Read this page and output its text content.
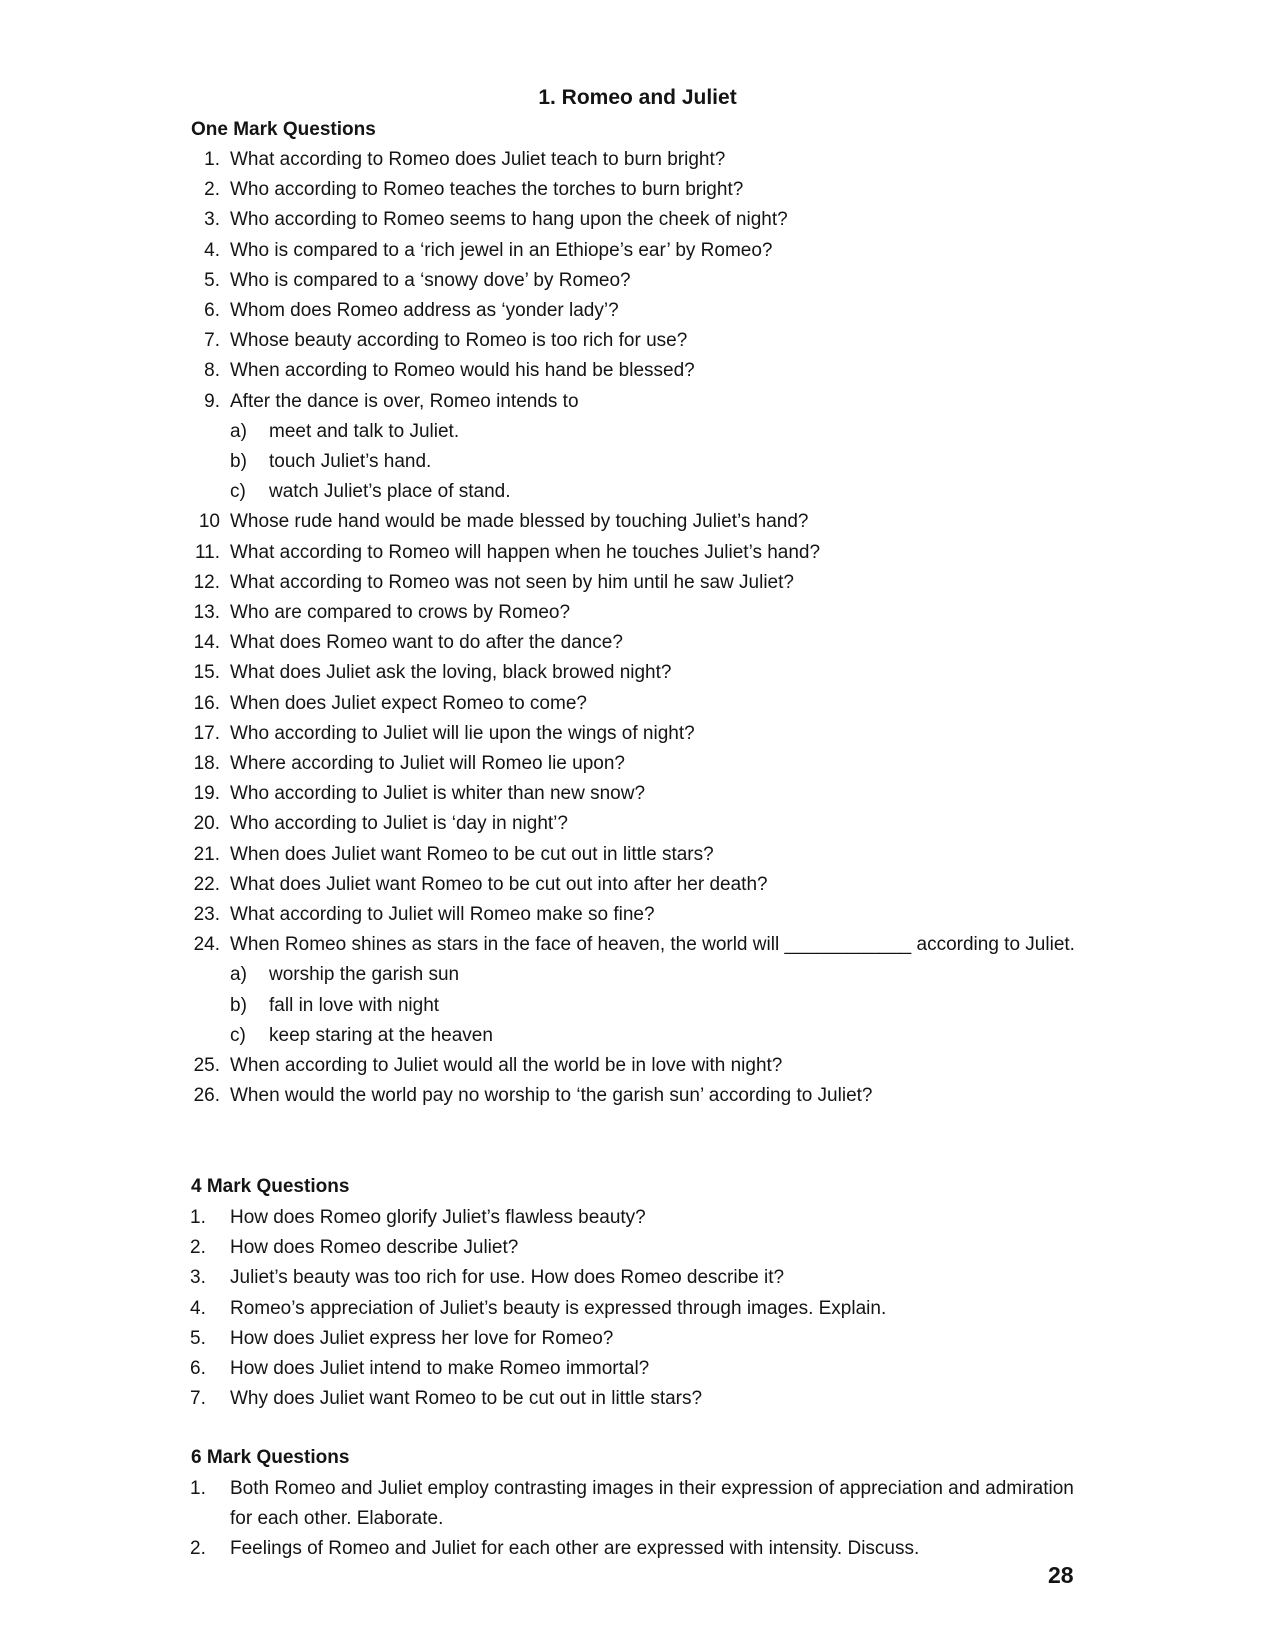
1. Romeo and Juliet
One Mark Questions
1. What according to Romeo does Juliet teach to burn bright?
2. Who according to Romeo teaches the torches to burn bright?
3. Who according to Romeo seems to hang upon the cheek of night?
4. Who is compared to a ‘rich jewel in an Ethiope’s ear’ by Romeo?
5. Who is compared to a ‘snowy dove’ by Romeo?
6. Whom does Romeo address as ‘yonder lady’?
7. Whose beauty according to Romeo is too rich for use?
8. When according to Romeo would his hand be blessed?
9. After the dance is over, Romeo intends to
a) meet and talk to Juliet.
b) touch Juliet’s hand.
c) watch Juliet’s place of stand.
10 Whose rude hand would be made blessed by touching Juliet’s hand?
11. What according to Romeo will happen when he touches Juliet’s hand?
12. What according to Romeo was not seen by him until he saw Juliet?
13. Who are compared to crows by Romeo?
14. What does Romeo want to do after the dance?
15. What does Juliet ask the loving, black browed night?
16. When does Juliet expect Romeo to come?
17. Who according to Juliet will lie upon the wings of night?
18. Where according to Juliet will Romeo lie upon?
19. Who according to Juliet is whiter than new snow?
20. Who according to Juliet is ‘day in night’?
21. When does Juliet want Romeo to be cut out in little stars?
22. What does Juliet want Romeo to be cut out into after her death?
23. What according to Juliet will Romeo make so fine?
24. When Romeo shines as stars in the face of heaven, the world will ____________ according to Juliet.
a) worship the garish sun
b) fall in love with night
c) keep staring at the heaven
25. When according to Juliet would all the world be in love with night?
26. When would the world pay no worship to ‘the garish sun’ according to Juliet?
4 Mark Questions
1.	How does Romeo glorify Juliet’s flawless beauty?
2.	How does Romeo describe Juliet?
3.	Juliet’s beauty was too rich for use. How does Romeo describe it?
4.	Romeo’s appreciation of Juliet’s beauty is expressed through images. Explain.
5.	How does Juliet express her love for Romeo?
6.	How does Juliet intend to make Romeo immortal?
7.	Why does Juliet want Romeo to be cut out in little stars?
6 Mark Questions
1.	Both Romeo and Juliet employ contrasting images in their expression of appreciation and admiration for each other. Elaborate.
2.	Feelings of Romeo and Juliet for each other are expressed with intensity. Discuss.
28
